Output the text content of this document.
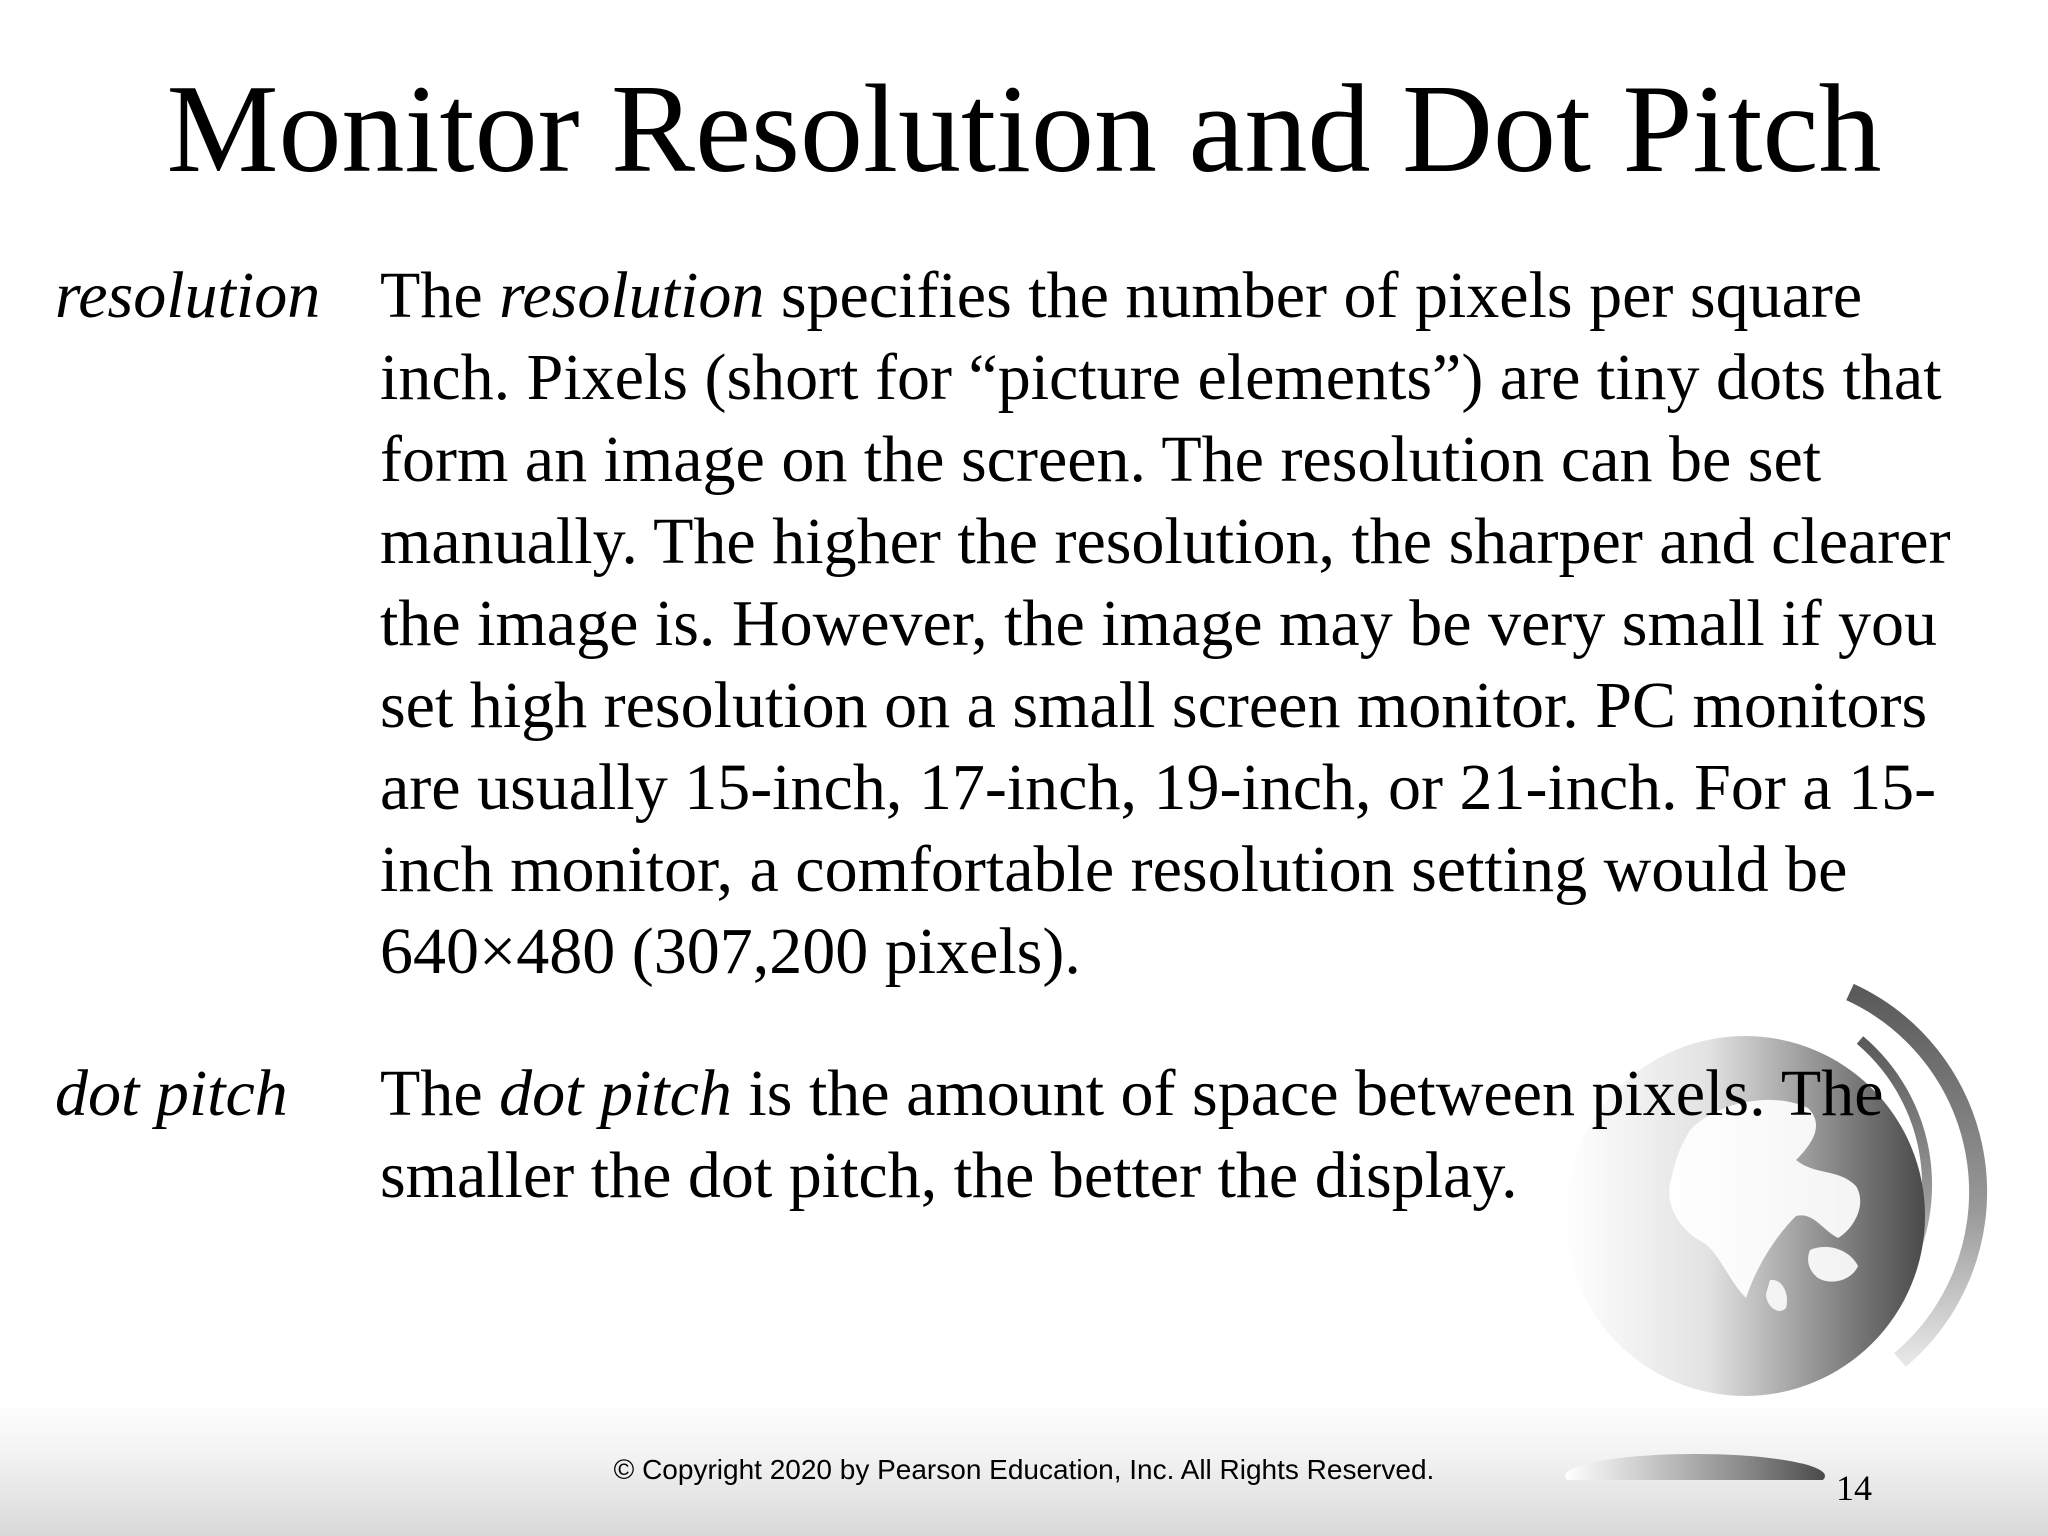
Monitor Resolution and Dot Pitch
resolution The resolution specifies the number of pixels per square
inch. Pixels (short for “picture elements”) are tiny dots that
form an image on the screen. The resolution can be set
manually. The higher the resolution, the sharper and clearer
the image is. However, the image may be very small if you
set high resolution on a small screen monitor. PC monitors
are usually 15-inch, 17-inch, 19-inch, or 21-inch. For a 15-
inch monitor, a comfortable resolution setting would be
640×480 (307,200 pixels).
dot pitch The dot pitch is the amount of space between pixels. The
smaller the dot pitch, the better the display.
© Copyright 2020 by Pearson Education, Inc. All Rights Reserved.	14
